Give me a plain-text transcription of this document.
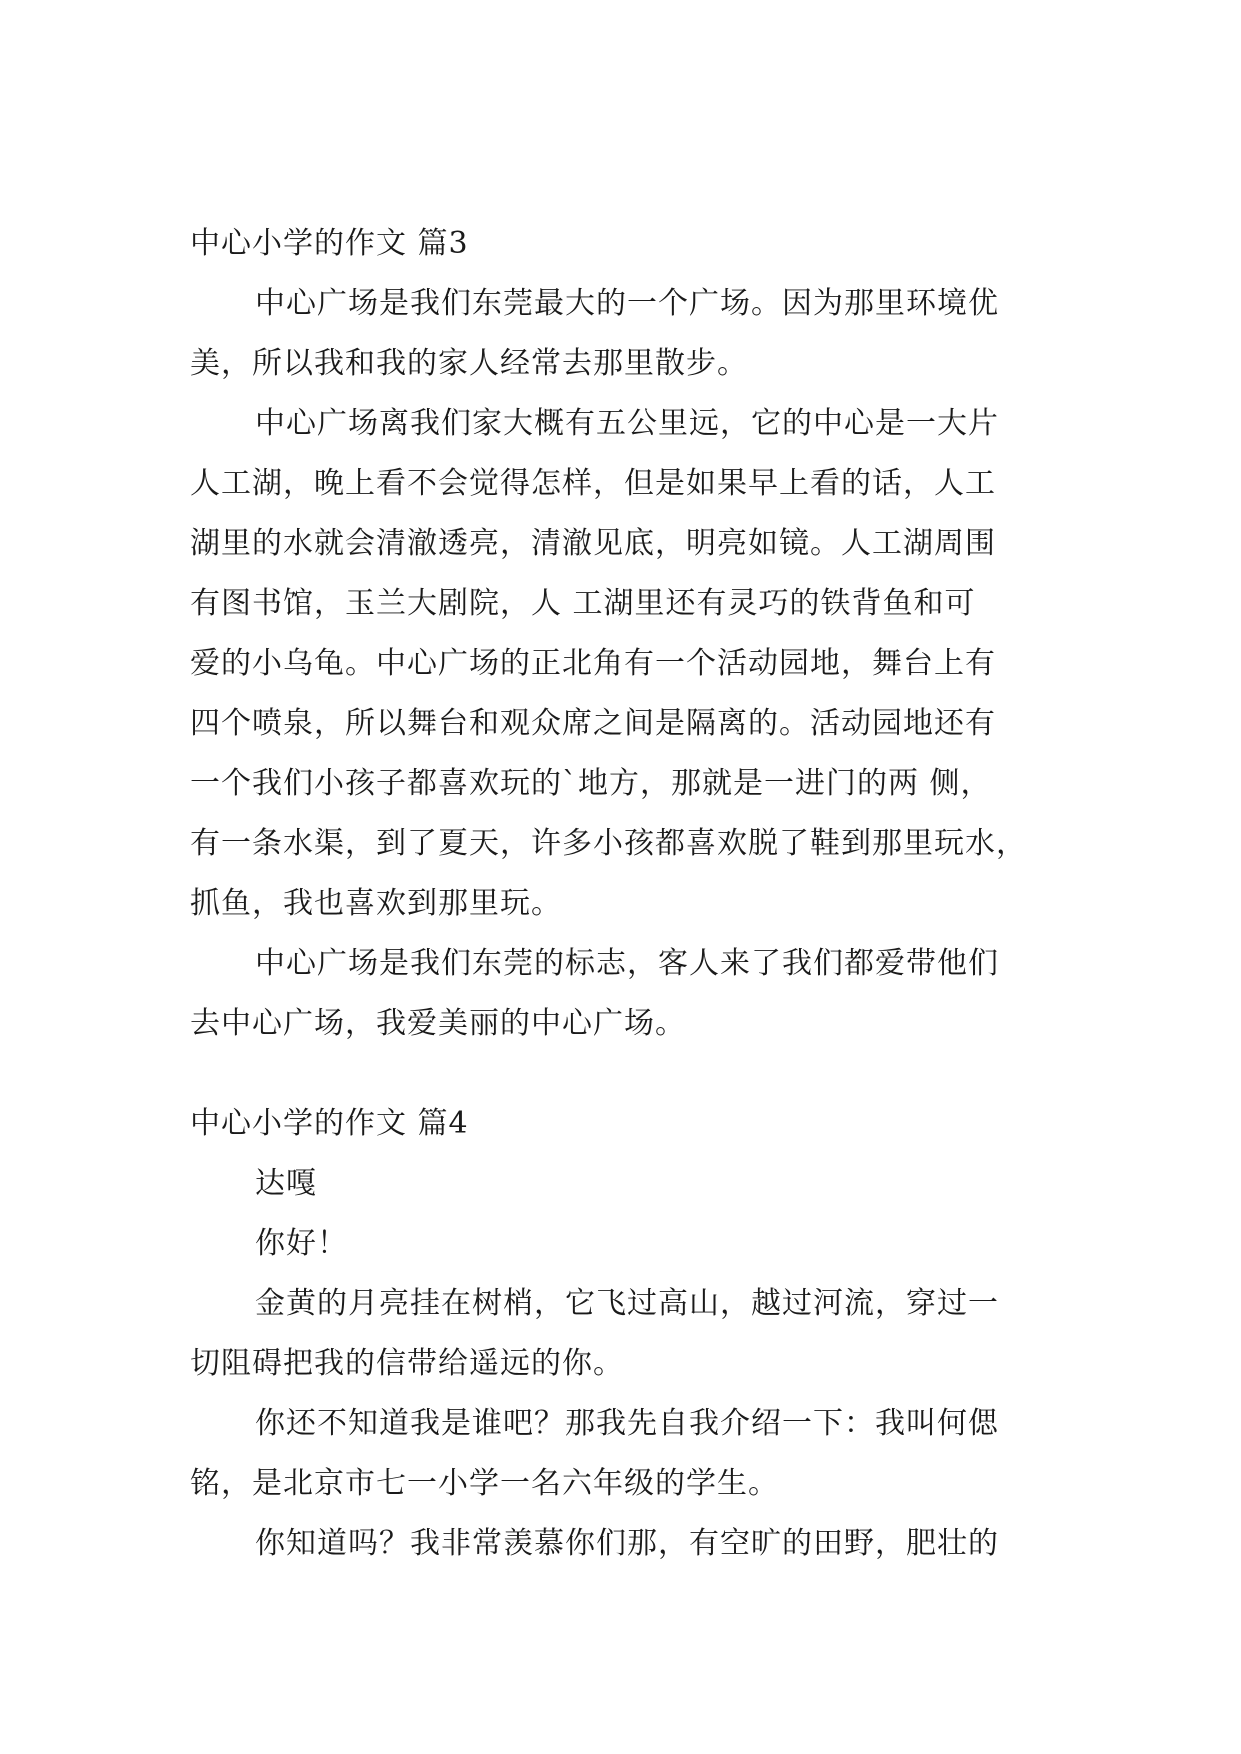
中心小学的作文 篇3
中心广场是我们东莞最大的一个广场。因为那里环境优
美，所以我和我的家人经常去那里散步。
中心广场离我们家大概有五公里远，它的中心是一大片
人工湖，晚上看不会觉得怎样，但是如果早上看的话，人工
湖里的水就会清澈透亮，清澈见底，明亮如镜。人工湖周围
有图书馆，玉兰大剧院，人 工湖里还有灵巧的铁背鱼和可
爱的小乌龟。中心广场的正北角有一个活动园地，舞台上有
四个喷泉，所以舞台和观众席之间是隔离的。活动园地还有
一个我们小孩子都喜欢玩的`地方，那就是一进门的两 侧，
有一条水渠，到了夏天，许多小孩都喜欢脱了鞋到那里玩水，
抓鱼，我也喜欢到那里玩。
中心广场是我们东莞的标志，客人来了我们都爱带他们
去中心广场，我爱美丽的中心广场。
中心小学的作文 篇4
达嘎
你好！
金黄的月亮挂在树梢，它飞过高山，越过河流，穿过一
切阻碍把我的信带给遥远的你。
你还不知道我是谁吧？那我先自我介绍一下：我叫何偲
铭，是北京市七一小学一名六年级的学生。
你知道吗？我非常羡慕你们那，有空旷的田野，肥壮的
